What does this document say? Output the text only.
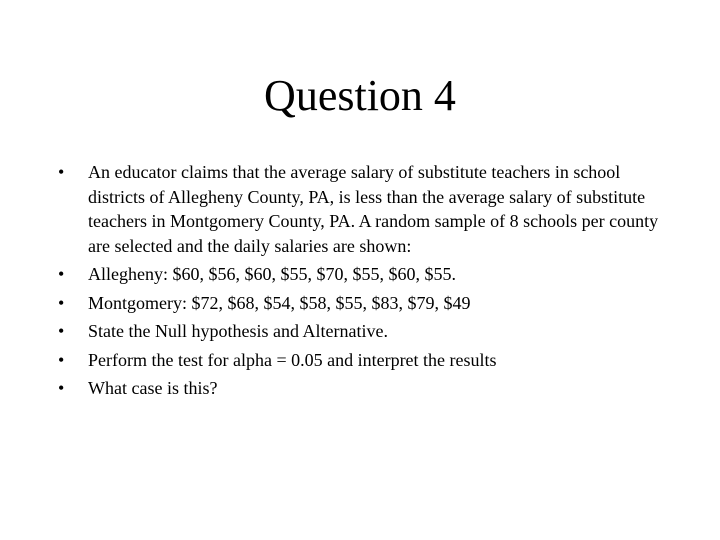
Question 4
•	An educator claims that the average salary of substitute teachers in school districts of Allegheny County, PA, is less than the average salary of substitute teachers in Montgomery County, PA. A random sample of 8 schools per county are selected and the daily salaries are shown:
•	Allegheny: $60, $56, $60, $55, $70, $55, $60, $55.
•	Montgomery: $72, $68, $54, $58, $55, $83, $79, $49
•	State the Null hypothesis and Alternative.
•	Perform the test for alpha = 0.05 and interpret the results
•	What case is this?
